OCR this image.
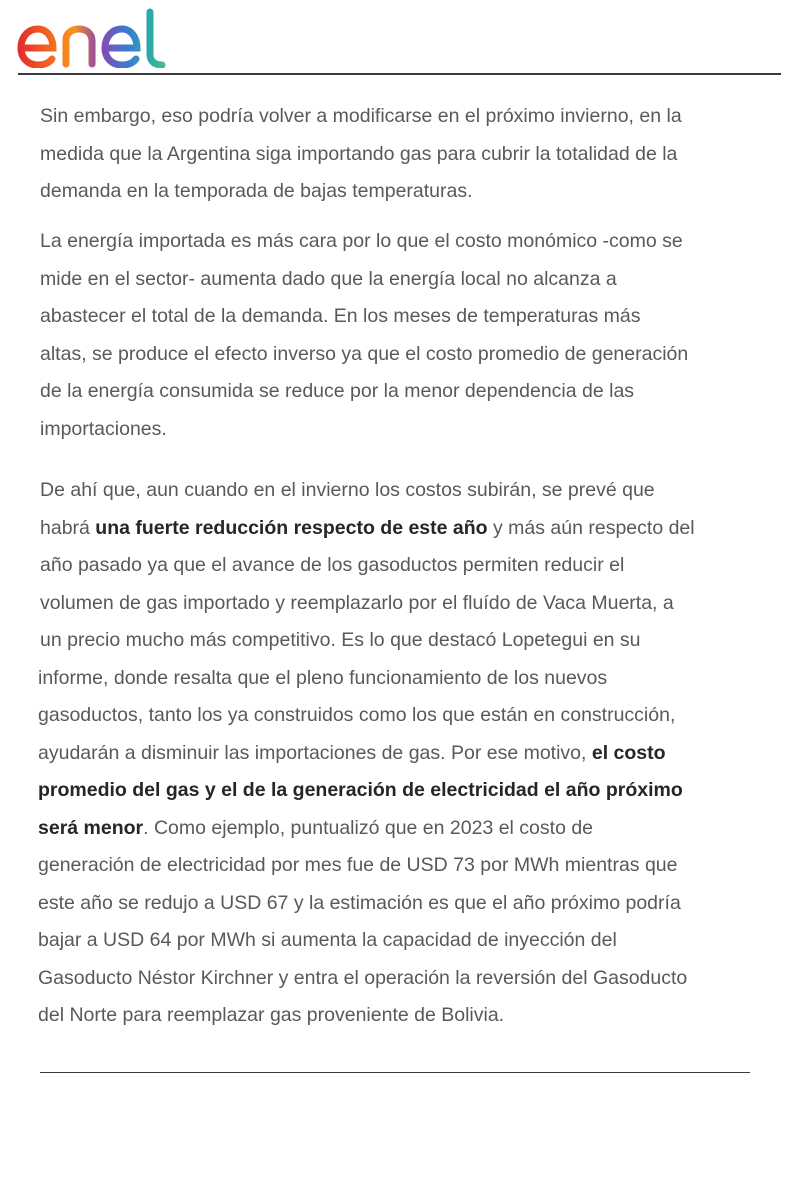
Sin embargo, eso podría volver a modificarse en el próximo invierno, en la
medida que la Argentina siga importando gas para cubrir la totalidad de la
demanda en la temporada de bajas temperaturas.

La energía importada es más cara por lo que el costo monómico -como se
mide en el sector- aumenta dado que la energía local no alcanza a
abastecer el total de la demanda. En los meses de temperaturas más
altas, se produce el efecto inverso ya que el costo promedio de generación
de la energía consumida se reduce por la menor dependencia de las
importaciones.

De ahí que, aun cuando en el invierno los costos subirán, se prevé que
habrá una fuerte reducción respecto de este año y más aún respecto del
año pasado ya que el avance de los gasoductos permiten reducir el
volumen de gas importado y reemplazarlo por el fluído de Vaca Muerta, a
un precio mucho más competitivo. Es lo que destacó Lopetegui en su
informe, donde resalta que el pleno funcionamiento de los nuevos
gasoductos, tanto los ya construidos como los que están en construcción,
ayudarán a disminuir las importaciones de gas. Por ese motivo, el costo
promedio del gas y el de la generación de electricidad el año próximo
será menor. Como ejemplo, puntualizó que en 2023 el costo de
generación de electricidad por mes fue de USD 73 por MWh mientras que
este año se redujo a USD 67 y la estimación es que el año próximo podría
bajar a USD 64 por MWh si aumenta la capacidad de inyección del
Gasoducto Néstor Kirchner y entra el operación la reversión del Gasoducto
del Norte para reemplazar gas proveniente de Bolivia.
